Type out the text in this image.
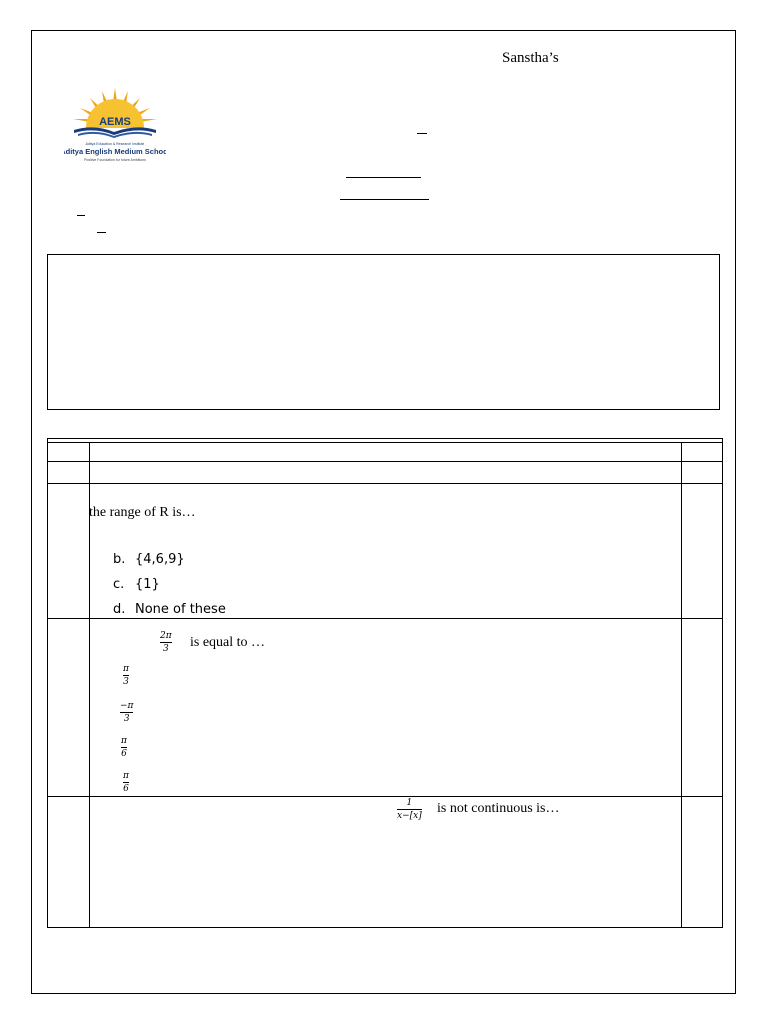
Sanstha’s
AEMS
Aditya Education & Research Institute
Aditya English Medium School
Positive Foundation for future Ambitions
the range of R is…
b. {4,6,9}
c. {1}
d. None of these
2π
3 is equal to …
π
3
−π
3
π
6
π
6
1
x−[x] is not continuous is…
